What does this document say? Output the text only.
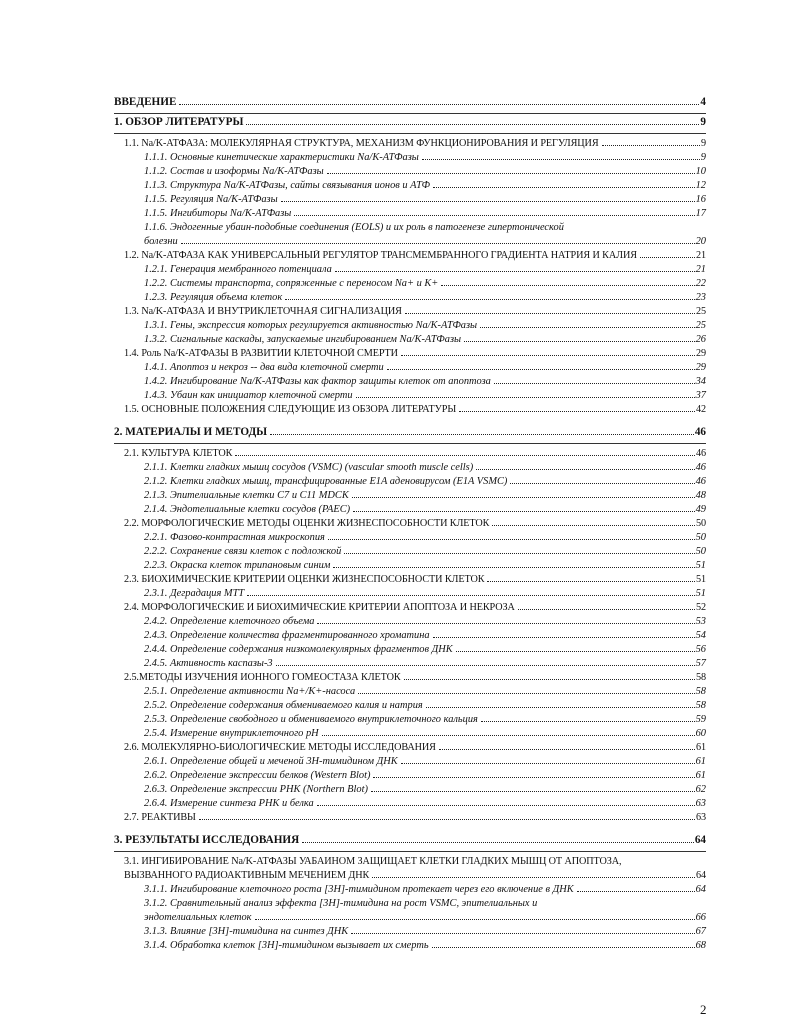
ВВЕДЕНИЕ	4
1. ОБЗОР ЛИТЕРАТУРЫ	9
1.1. Na/K-АТФАЗА: МОЛЕКУЛЯРНАЯ СТРУКТУРА, МЕХАНИЗМ ФУНКЦИОНИРОВАНИЯ И РЕГУЛЯЦИЯ	9
1.1.1. Основные кинетические характеристики Na/K-АТФазы	9
1.1.2. Состав и изоформы Na/K-АТФазы	10
1.1.3. Структура Na/K-АТФазы, сайты связывания ионов и АТФ	12
1.1.5. Регуляция Na/K-АТФазы	16
1.1.5. Ингибиторы Na/K-АТФазы	17
1.1.6. Эндогенные убаин-подобные соединения (EOLS) и их роль в патогенезе гипертонической
болезни	20
1.2. Na/K-АТФАЗА КАК УНИВЕРСАЛЬНЫЙ РЕГУЛЯТОР ТРАНСМЕМБРАННОГО ГРАДИЕНТА НАТРИЯ И КАЛИЯ	21
1.2.1. Генерация мембранного потенциала	21
1.2.2. Системы транспорта, сопряженные с переносом Na+ и K+	22
1.2.3. Регуляция объема клеток	23
1.3. Na/K-АТФАЗА И ВНУТРИКЛЕТОЧНАЯ СИГНАЛИЗАЦИЯ	25
1.3.1. Гены, экспрессия которых регулируется активностью Na/K-АТФазы	25
1.3.2. Сигнальные каскады, запускаемые ингибированием Na/K-АТФазы	26
1.4. Роль Na/K-АТФАЗЫ В РАЗВИТИИ КЛЕТОЧНОЙ СМЕРТИ	29
1.4.1. Апоптоз и некроз -- два вида клеточной смерти	29
1.4.2. Ингибирование Na/K-АТФазы как фактор защиты клеток от апоптоза	34
1.4.3. Убаин как инициатор клеточной смерти	37
1.5. ОСНОВНЫЕ ПОЛОЖЕНИЯ СЛЕДУЮЩИЕ ИЗ ОБЗОРА ЛИТЕРАТУРЫ	42
2. МАТЕРИАЛЫ И МЕТОДЫ	46
2.1. КУЛЬТУРА КЛЕТОК	46
2.1.1. Клетки гладких мышц сосудов (VSMC) (vascular smooth muscle cells)	46
2.1.2. Клетки гладких мышц, трансфицированные E1A аденовирусом (E1A VSMC)	46
2.1.3. Эпителиальные клетки С7 и С11 MDCK	48
2.1.4. Эндотелиальные клетки сосудов (PAEC)	49
2.2. МОРФОЛОГИЧЕСКИЕ МЕТОДЫ ОЦЕНКИ ЖИЗНЕСПОСОБНОСТИ КЛЕТОК	50
2.2.1. Фазово-контрастная микроскопия	50
2.2.2. Сохранение связи клеток с подложкой	50
2.2.3. Окраска клеток трипановым синим	51
2.3. БИОХИМИЧЕСКИЕ КРИТЕРИИ ОЦЕНКИ ЖИЗНЕСПОСОБНОСТИ КЛЕТОК	51
2.3.1. Деградация МТТ	51
2.4. МОРФОЛОГИЧЕСКИЕ И БИОХИМИЧЕСКИЕ КРИТЕРИИ АПОПТОЗА И НЕКРОЗА	52
2.4.2. Определение клеточного объема	53
2.4.3. Определение количества фрагментированного хроматина	54
2.4.4. Определение содержания низкомолекулярных фрагментов ДНК	56
2.4.5. Активность каспазы-3	57
2.5.МЕТОДЫ ИЗУЧЕНИЯ ИОННОГО ГОМЕОСТАЗА КЛЕТОК	58
2.5.1. Определение активности Na+/K+-насоса	58
2.5.2. Определение содержания обмениваемого калия и натрия	58
2.5.3. Определение свободного и обмениваемого внутриклеточного кальция	59
2.5.4. Измерение внутриклеточного pH	60
2.6. МОЛЕКУЛЯРНО-БИОЛОГИЧЕСКИЕ МЕТОДЫ ИССЛЕДОВАНИЯ	61
2.6.1. Определение общей и меченой 3H-тимидином ДНК	61
2.6.2. Определение экспрессии белков (Western Blot)	61
2.6.3. Определение экспрессии РНК (Northern Blot)	62
2.6.4. Измерение синтеза РНК и белка	63
2.7. РЕАКТИВЫ	63
3. РЕЗУЛЬТАТЫ ИССЛЕДОВАНИЯ	64
3.1. ИНГИБИРОВАНИЕ Na/K-АТФАЗЫ УАБАИНОМ ЗАЩИЩАЕТ КЛЕТКИ ГЛАДКИХ МЫШЦ ОТ АПОПТОЗА,
ВЫЗВАННОГО РАДИОАКТИВНЫМ МЕЧЕНИЕМ ДНК	64
3.1.1. Ингибирование клеточного роста [3H]-тимидином протекает через его включение в ДНК	64
3.1.2. Сравнительный анализ эффекта [3H]-тимидина на рост VSMC, эпителиальных и
эндотелиальных клеток	66
3.1.3. Влияние [3H]-тимидина на синтез ДНК	67
3.1.4. Обработка клеток [3H]-тимидином вызывает их смерть	68
2
